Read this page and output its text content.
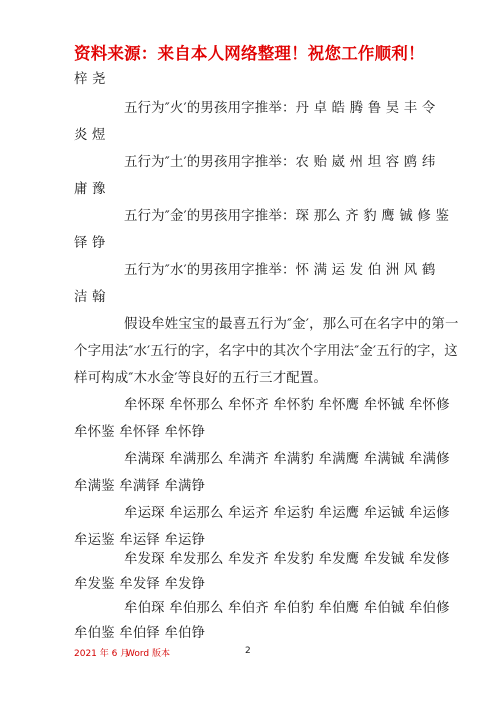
资料来源：来自本人网络整理！祝您工作顺利！
梓 尧
五行为″火′的男孩用字推举：丹 卓 皓 腾 鲁 昊 丰 令
炎 煜
五行为″土′的男孩用字推举：农 贻 崴 州 坦 容 鸥 纬
庸 豫
五行为″金′的男孩用字推举：琛 那么 齐 豹 鹰 铖 修 鉴
铎 铮
五行为″水′的男孩用字推举：怀 满 运 发 伯 洲 风 鹤
洁 翰
假设牟姓宝宝的最喜五行为″金′，那么可在名字中的第一
个字用法″水′五行的字，名字中的其次个字用法″金′五行的字，这
样可构成″木水金′等良好的五行三才配置。
牟怀琛 牟怀那么 牟怀齐 牟怀豹 牟怀鹰 牟怀铖 牟怀修
牟怀鉴 牟怀铎 牟怀铮
牟满琛 牟满那么 牟满齐 牟满豹 牟满鹰 牟满铖 牟满修
牟满鉴 牟满铎 牟满铮
牟运琛 牟运那么 牟运齐 牟运豹 牟运鹰 牟运铖 牟运修
牟运鉴 牟运铎 牟运铮
牟发琛 牟发那么 牟发齐 牟发豹 牟发鹰 牟发铖 牟发修
牟发鉴 牟发铎 牟发铮
牟伯琛 牟伯那么 牟伯齐 牟伯豹 牟伯鹰 牟伯铖 牟伯修
牟伯鉴 牟伯铎 牟伯铮
2021 年 6 月
Word 版本	2
